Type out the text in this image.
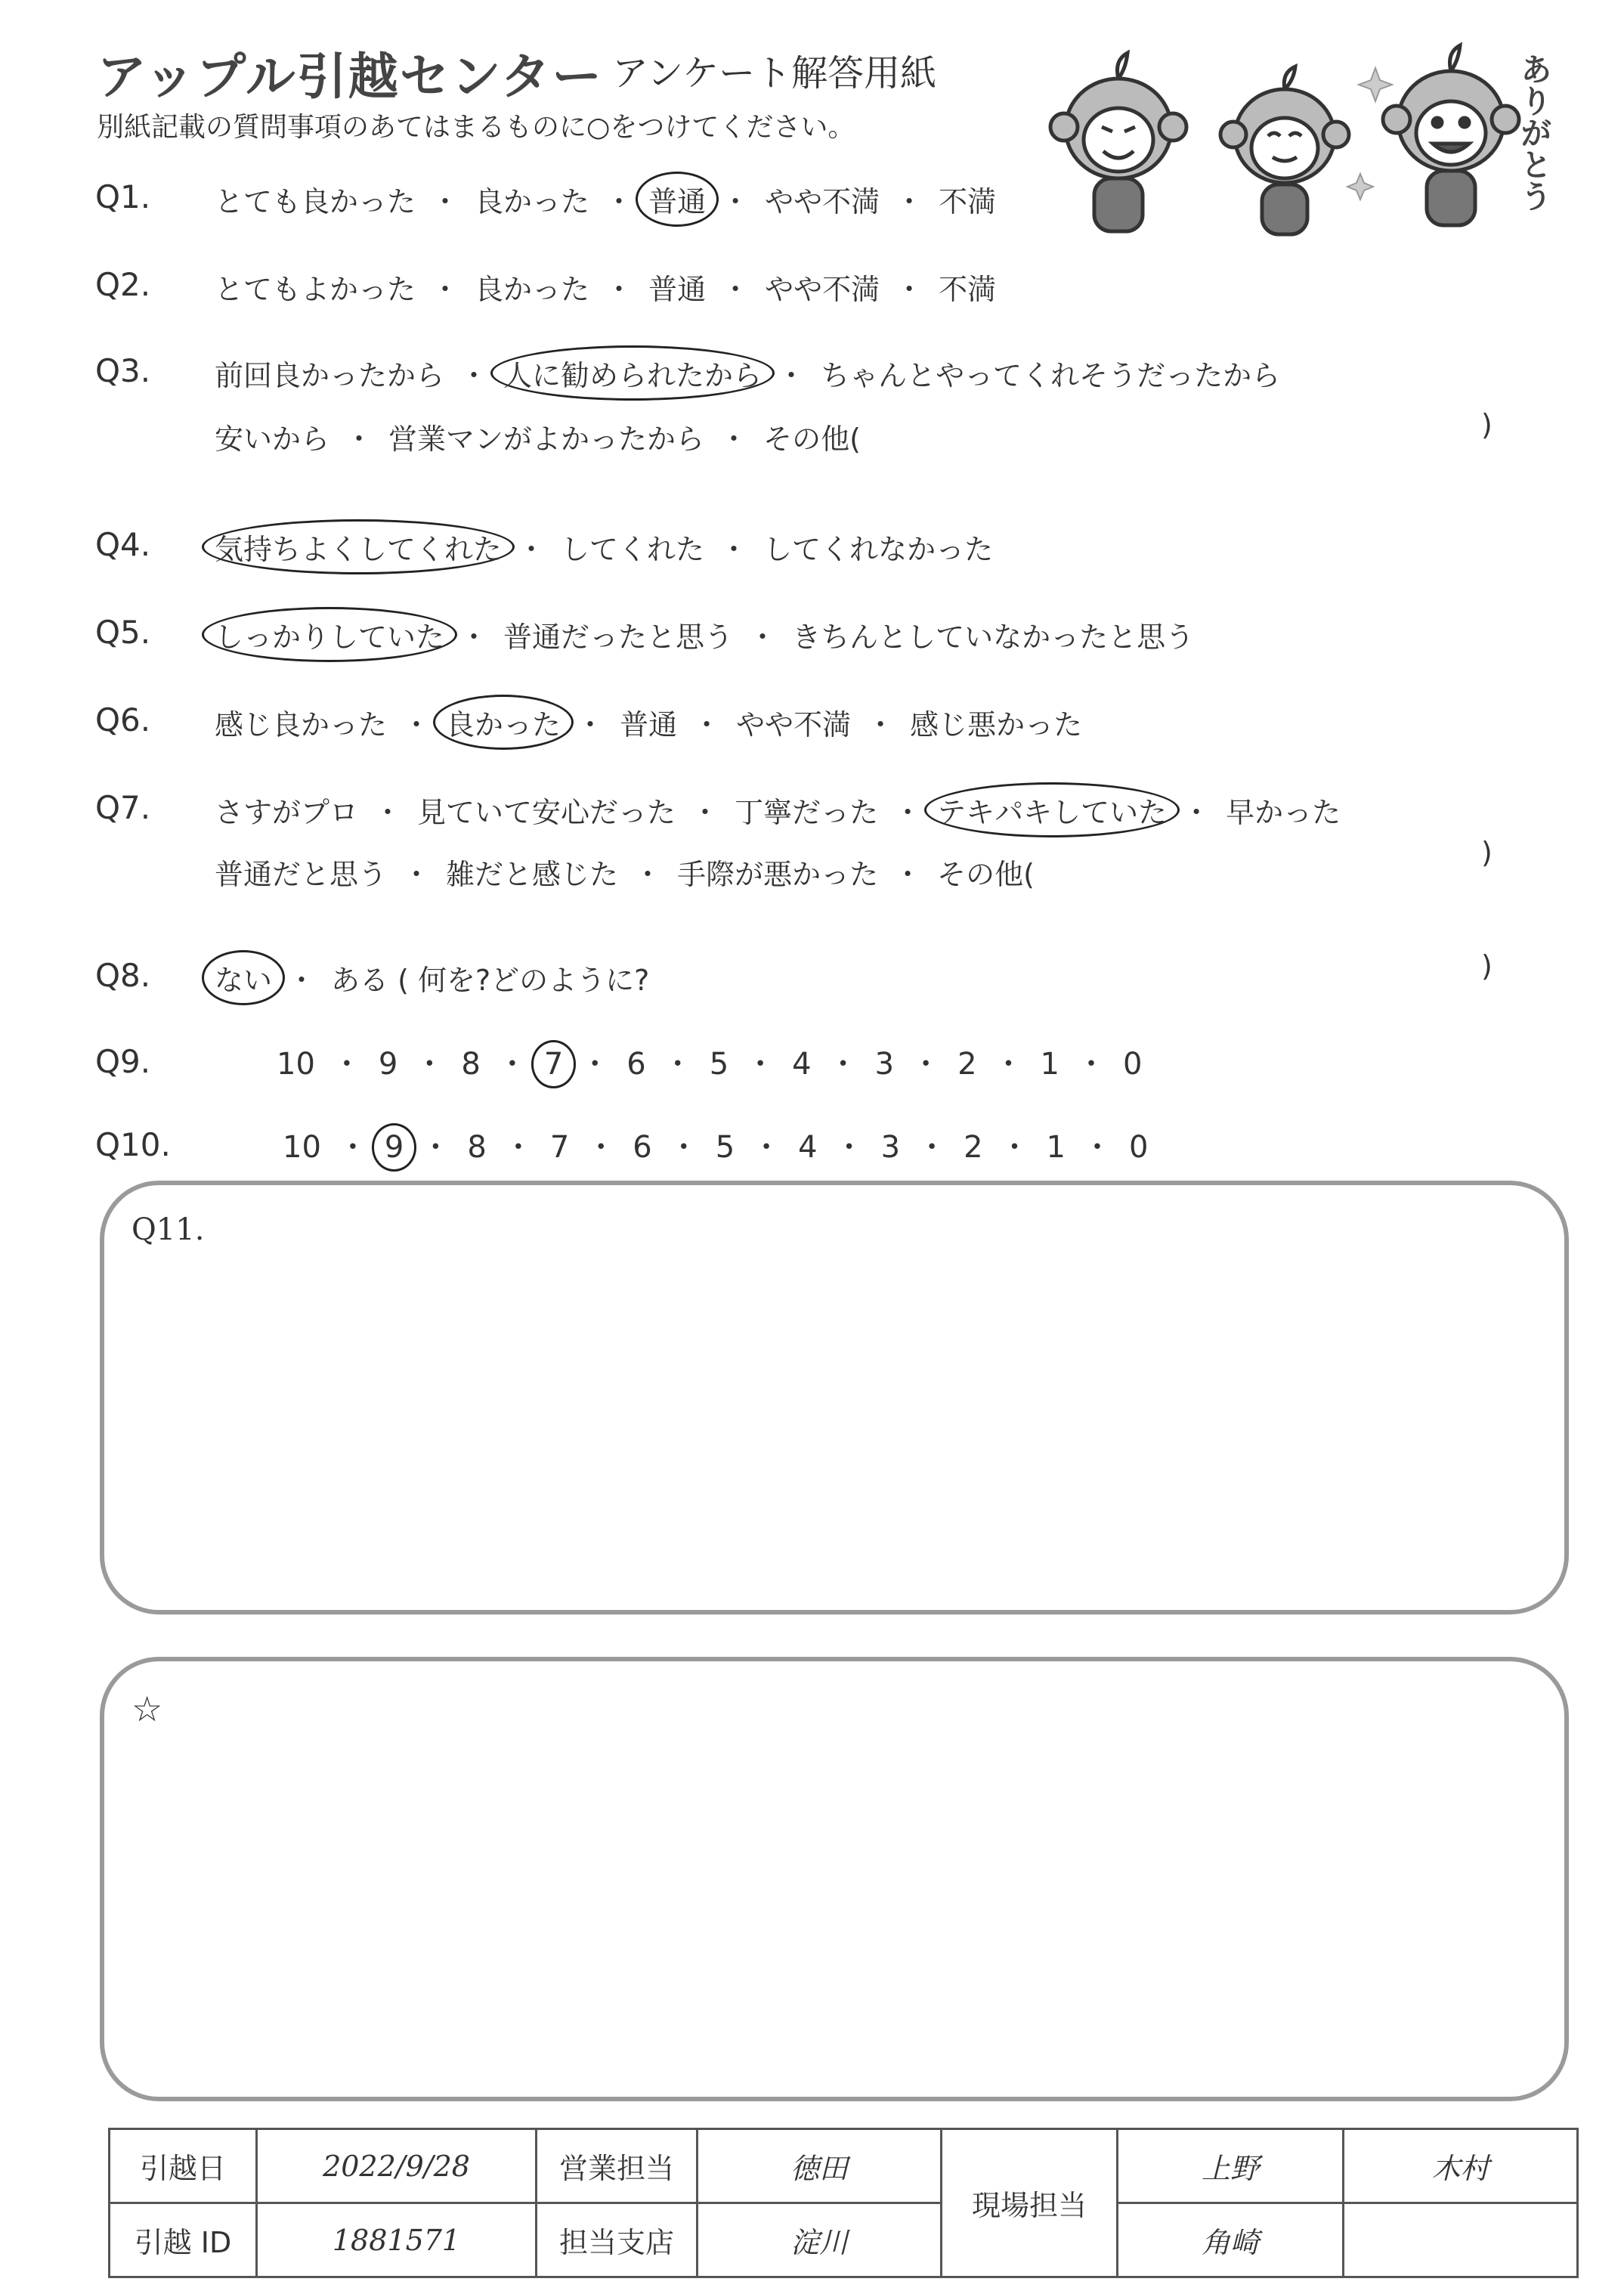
アップル引越センター アンケート解答用紙
別紙記載の質問事項のあてはまるものに○をつけてください。	ありがとう
Q1. とても良かった ・ 良かった ・ 普通 ・ やや不満 ・ 不満
Q2. とてもよかった ・ 良かった ・ 普通 ・ やや不満 ・ 不満
Q3. 前回良かったから ・ 人に勧められたから ・ ちゃんとやってくれそうだったから
安いから ・ 営業マンがよかったから ・ その他(	)
Q4. 気持ちよくしてくれた ・ してくれた ・ してくれなかった
Q5. しっかりしていた ・ 普通だったと思う ・ きちんとしていなかったと思う
Q6. 感じ良かった ・ 良かった ・ 普通 ・ やや不満 ・ 感じ悪かった
Q7. さすがプロ ・ 見ていて安心だった ・ 丁寧だった ・ テキパキしていた ・ 早かった
普通だと思う ・ 雑だと感じた ・ 手際が悪かった ・ その他(
)
Q8. ない ・ ある ( 何を?どのように?	)
Q9.	10 ・ 9 ・ 8 ・ 7 ・ 6 ・ 5 ・ 4 ・ 3 ・ 2 ・ 1 ・ 0
Q10.	10 ・ 9 ・ 8 ・ 7 ・ 6 ・ 5 ・ 4 ・ 3 ・ 2 ・ 1 ・ 0
Q11.
☆
引越日	2022/9/28	営業担当	徳田	現場担当	上野	木村
引越 ID	1881571	担当支店	淀川		角崎	
